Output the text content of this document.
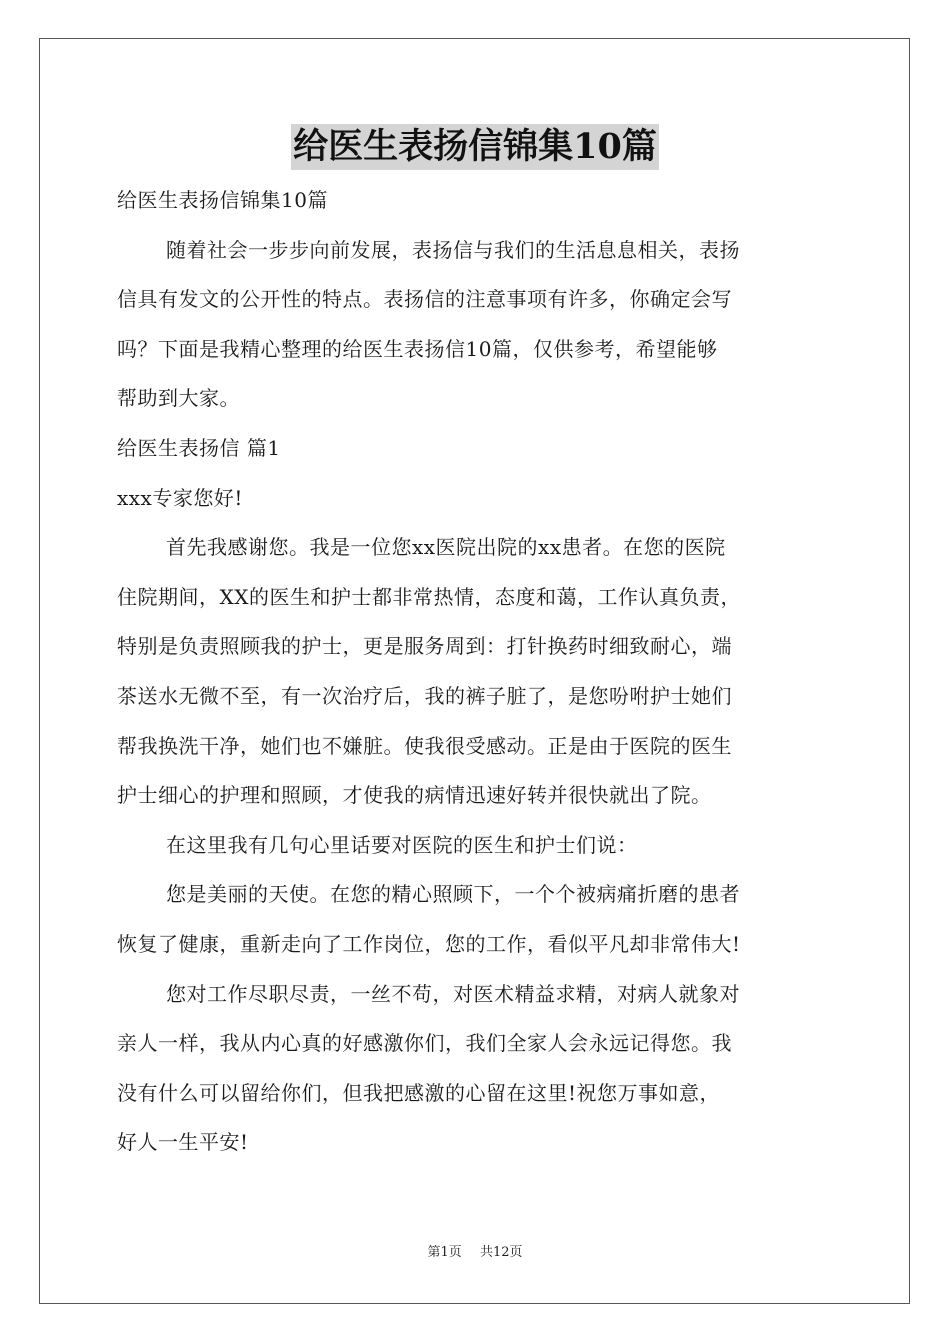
给医生表扬信锦集10篇
给医生表扬信锦集10篇
随着社会一步步向前发展，表扬信与我们的生活息息相关，表扬
信具有发文的公开性的特点。表扬信的注意事项有许多，你确定会写
吗？下面是我精心整理的给医生表扬信10篇，仅供参考，希望能够
帮助到大家。
给医生表扬信 篇1
xxx专家您好!
首先我感谢您。我是一位您xx医院出院的xx患者。在您的医院
住院期间，XX的医生和护士都非常热情，态度和蔼，工作认真负责，
特别是负责照顾我的护士，更是服务周到：打针换药时细致耐心，端
茶送水无微不至，有一次治疗后，我的裤子脏了，是您吩咐护士她们
帮我换洗干净，她们也不嫌脏。使我很受感动。正是由于医院的医生
护士细心的护理和照顾，才使我的病情迅速好转并很快就出了院。
在这里我有几句心里话要对医院的医生和护士们说：
您是美丽的天使。在您的精心照顾下，一个个被病痛折磨的患者
恢复了健康，重新走向了工作岗位，您的工作，看似平凡却非常伟大!
您对工作尽职尽责，一丝不苟，对医术精益求精，对病人就象对
亲人一样，我从内心真的好感激你们，我们全家人会永远记得您。我
没有什么可以留给你们，但我把感激的心留在这里!祝您万事如意，
好人一生平安!
第1页 共12页
